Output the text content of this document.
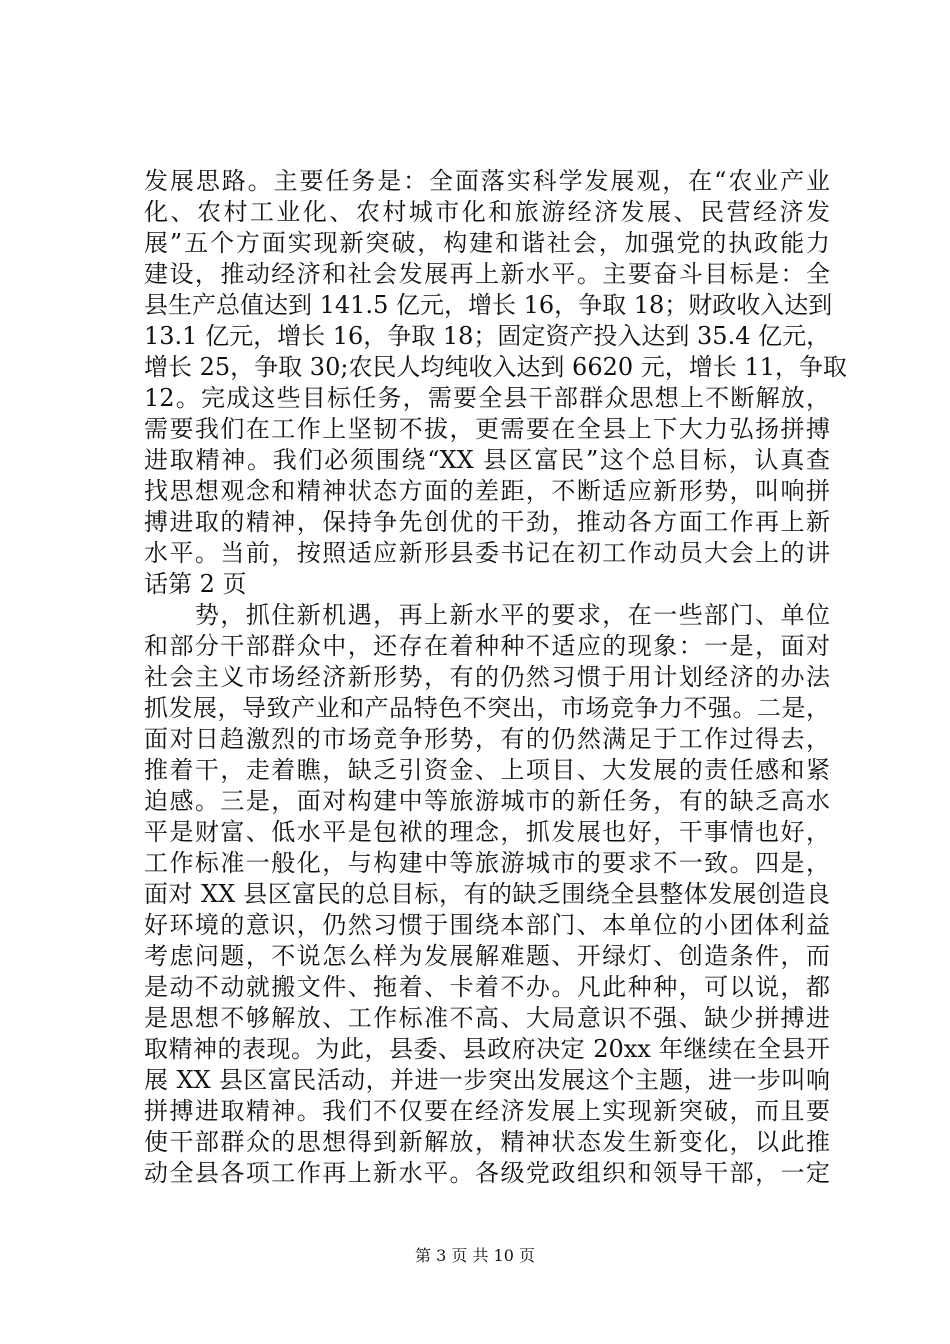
发展思路。主要任务是：全面落实科学发展观，在“农业产业
化、农村工业化、农村城市化和旅游经济发展、民营经济发
展”五个方面实现新突破，构建和谐社会，加强党的执政能力
建设，推动经济和社会发展再上新水平。主要奋斗目标是：全
县生产总值达到 141.5 亿元，增长 16，争取 18；财政收入达到
13.1 亿元，增长 16，争取 18；固定资产投入达到 35.4 亿元，
增长 25，争取 30;农民人均纯收入达到 6620 元，增长 11，争取
12。完成这些目标任务，需要全县干部群众思想上不断解放，
需要我们在工作上坚韧不拔，更需要在全县上下大力弘扬拼搏
进取精神。我们必须围绕“XX 县区富民”这个总目标，认真查
找思想观念和精神状态方面的差距，不断适应新形势，叫响拼
搏进取的精神，保持争先创优的干劲，推动各方面工作再上新
水平。当前，按照适应新形县委书记在初工作动员大会上的讲
话第 2 页
　　势，抓住新机遇，再上新水平的要求，在一些部门、单位
和部分干部群众中，还存在着种种不适应的现象：一是，面对
社会主义市场经济新形势，有的仍然习惯于用计划经济的办法
抓发展，导致产业和产品特色不突出，市场竞争力不强。二是，
面对日趋激烈的市场竞争形势，有的仍然满足于工作过得去，
推着干，走着瞧，缺乏引资金、上项目、大发展的责任感和紧
迫感。三是，面对构建中等旅游城市的新任务，有的缺乏高水
平是财富、低水平是包袱的理念，抓发展也好，干事情也好，
工作标准一般化，与构建中等旅游城市的要求不一致。四是，
面对 XX 县区富民的总目标，有的缺乏围绕全县整体发展创造良
好环境的意识，仍然习惯于围绕本部门、本单位的小团体利益
考虑问题，不说怎么样为发展解难题、开绿灯、创造条件，而
是动不动就搬文件、拖着、卡着不办。凡此种种，可以说，都
是思想不够解放、工作标准不高、大局意识不强、缺少拼搏进
取精神的表现。为此，县委、县政府决定 20xx 年继续在全县开
展 XX 县区富民活动，并进一步突出发展这个主题，进一步叫响
拼搏进取精神。我们不仅要在经济发展上实现新突破，而且要
使干部群众的思想得到新解放，精神状态发生新变化，以此推
动全县各项工作再上新水平。各级党政组织和领导干部，一定
第 3 页 共 10 页
